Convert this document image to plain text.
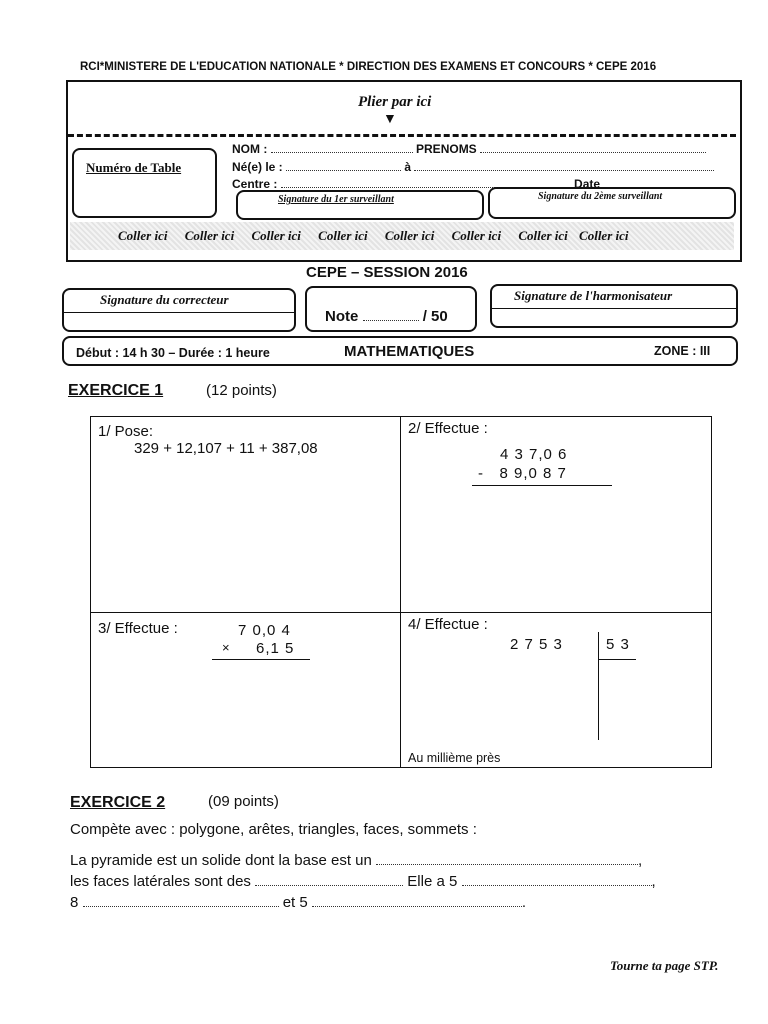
RCI*MINISTERE DE L'EDUCATION NATIONALE * DIRECTION DES EXAMENS ET CONCOURS * CEPE 2016
Plier par ici
▼
Numéro de Table
NOM :	PRENOMS
Né(e) le :	à
Centre :	Date
Signature du 1er surveillant	Signature du 2ème surveillant
Coller ici Coller ici Coller ici Coller ici Coller ici Coller ici Coller ici Coller ici
CEPE – SESSION 2016
Signature du correcteur
Note	/ 50
Signature de l'harmonisateur
Début : 14 h 30 – Durée : 1 heure	MATHEMATIQUES	ZONE : III
EXERCICE 1	(12 points)
1/ Pose:
329 + 12,107 + 11 + 387,08
2/ Effectue :
4 3 7,0 6
-   8 9,0 8 7
3/ Effectue :	7 0,0 4
× 6,1 5
4/ Effectue :
2 7 5 3	5 3
Au millième près
EXERCICE 2	(09 points)
Compète avec : polygone, arêtes, triangles, faces, sommets :
La pyramide est un solide dont la base est un	,
les faces latérales sont des	Elle a 5	,
8	et 5	.
Tourne ta page STP.
